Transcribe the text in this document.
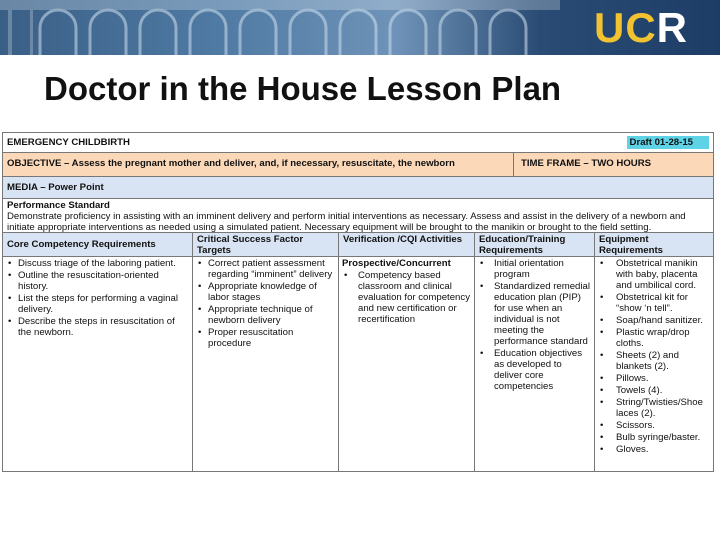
UCR
Doctor in the House Lesson Plan
EMERGENCY CHILDBIRTH	Draft 01-28-15
OBJECTIVE – Assess the pregnant mother and deliver, and, if necessary, resuscitate, the newborn	TIME FRAME – TWO HOURS
MEDIA – Power Point
Performance Standard
Demonstrate proficiency in assisting with an imminent delivery and perform initial interventions as necessary. Assess and assist in the delivery of a newborn and initiate appropriate interventions as needed using a simulated patient. Necessary equipment will be brought to the manikin or brought to the field setting.
Core Competency Requirements
• Discuss triage of the laboring patient.
• Outline the resuscitation-oriented history.
• List the steps for performing a vaginal delivery.
• Describe the steps in resuscitation of the newborn.
Critical Success Factor Targets
• Correct patient assessment regarding “imminent” delivery
• Appropriate knowledge of labor stages
• Appropriate technique of newborn delivery
• Proper resuscitation procedure
Verification /CQI Activities
Prospective/Concurrent
• Competency based classroom and clinical evaluation for competency and new certification or recertification
Education/Training Requirements
• Initial orientation program
• Standardized remedial education plan (PIP) for use when an individual is not meeting the performance standard
• Education objectives as developed to deliver core competencies
Equipment Requirements
• Obstetrical manikin with baby, placenta and umbilical cord.
• Obstetrical kit for “show ‘n tell”.
• Soap/hand sanitizer.
• Plastic wrap/drop cloths.
• Sheets (2) and blankets (2).
• Pillows.
• Towels (4).
• String/Twisties/Shoe laces (2).
• Scissors.
• Bulb syringe/baster.
• Gloves.
